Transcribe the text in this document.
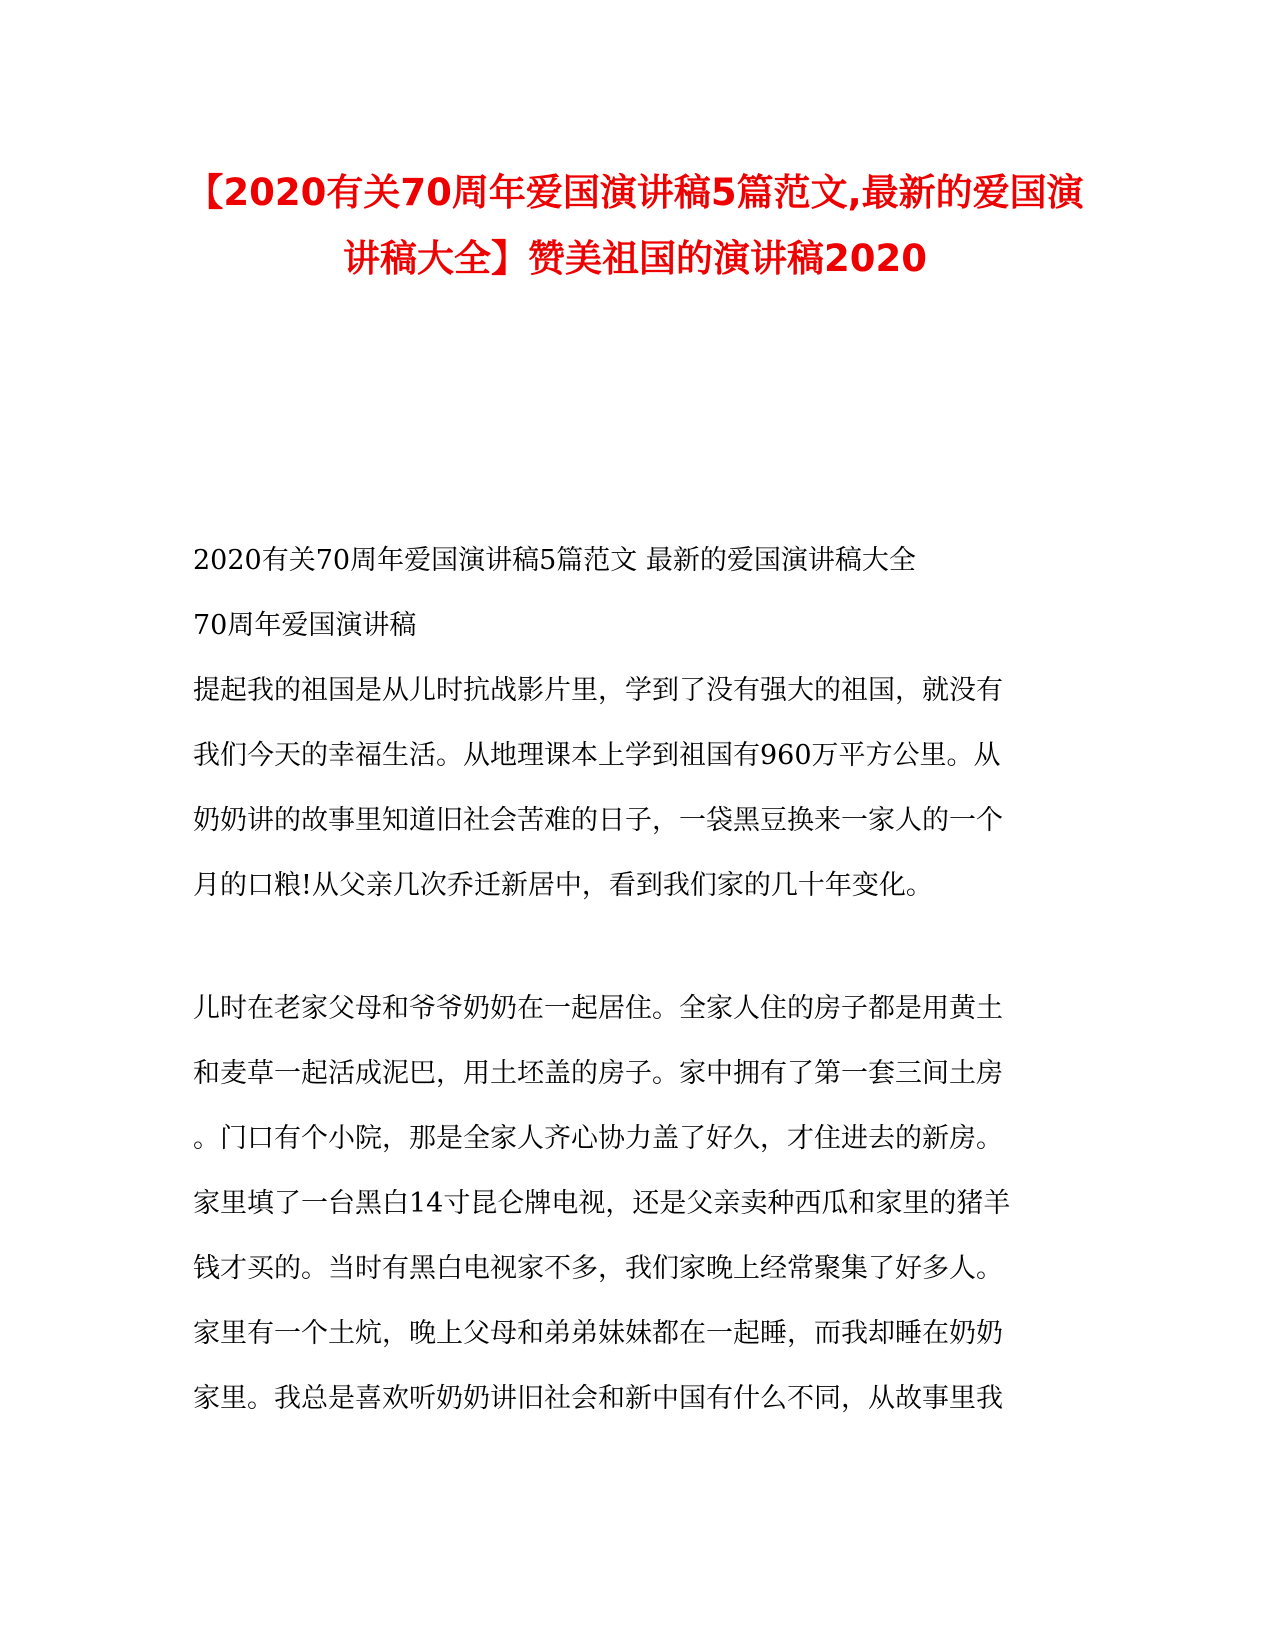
【2020有关70周年爱国演讲稿5篇范文,最新的爱国演
讲稿大全】赞美祖国的演讲稿2020
2020有关70周年爱国演讲稿5篇范文 最新的爱国演讲稿大全
70周年爱国演讲稿
提起我的祖国是从儿时抗战影片里，学到了没有强大的祖国，就没有
我们今天的幸福生活。从地理课本上学到祖国有960万平方公里。从
奶奶讲的故事里知道旧社会苦难的日子，一袋黑豆换来一家人的一个
月的口粮!从父亲几次乔迁新居中，看到我们家的几十年变化。
儿时在老家父母和爷爷奶奶在一起居住。全家人住的房子都是用黄土
和麦草一起活成泥巴，用土坯盖的房子。家中拥有了第一套三间土房
。门口有个小院，那是全家人齐心协力盖了好久，才住进去的新房。
家里填了一台黑白14寸昆仑牌电视，还是父亲卖种西瓜和家里的猪羊
钱才买的。当时有黑白电视家不多，我们家晚上经常聚集了好多人。
家里有一个土炕，晚上父母和弟弟妹妹都在一起睡，而我却睡在奶奶
家里。我总是喜欢听奶奶讲旧社会和新中国有什么不同，从故事里我
